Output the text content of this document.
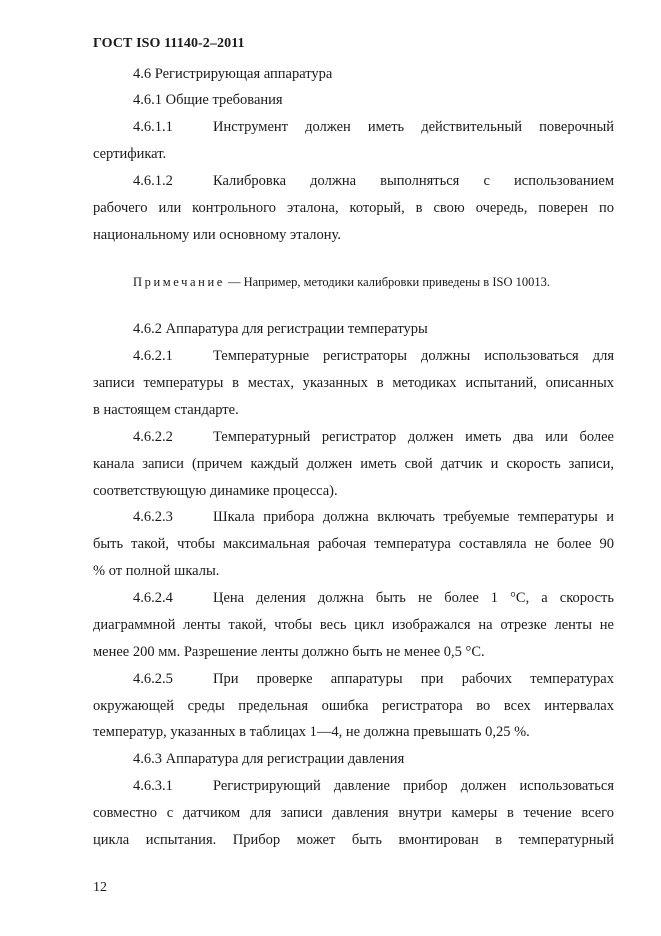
ГОСТ ISO 11140-2–2011
4.6 Регистрирующая аппаратура
4.6.1 Общие требования
4.6.1.1	Инструмент должен иметь действительный поверочный
сертификат.
4.6.1.2	Калибровка должна выполняться с использованием
рабочего или контрольного эталона, который, в свою очередь, поверен по
национальному или основному эталону.
Примечание — Например, методики калибровки приведены в ISO 10013.
4.6.2 Аппаратура для регистрации температуры
4.6.2.1	Температурные регистраторы должны использоваться для
записи температуры в местах, указанных в методиках испытаний, описанных
в настоящем стандарте.
4.6.2.2	Температурный регистратор должен иметь два или более
канала записи (причем каждый должен иметь свой датчик и скорость записи,
соответствующую динамике процесса).
4.6.2.3	Шкала прибора должна включать требуемые температуры и
быть такой, чтобы максимальная рабочая температура составляла не более 90
% от полной шкалы.
4.6.2.4	Цена деления должна быть не более 1 °С, а скорость
диаграммной ленты такой, чтобы весь цикл изображался на отрезке ленты не
менее 200 мм. Разрешение ленты должно быть не менее 0,5 °С.
4.6.2.5	При проверке аппаратуры при рабочих температурах
окружающей среды предельная ошибка регистратора во всех интервалах
температур, указанных в таблицах 1—4, не должна превышать 0,25 %.
4.6.3 Аппаратура для регистрации давления
4.6.3.1	Регистрирующий давление прибор должен использоваться
совместно с датчиком для записи давления внутри камеры в течение всего
цикла испытания. Прибор может быть вмонтирован в температурный
12
